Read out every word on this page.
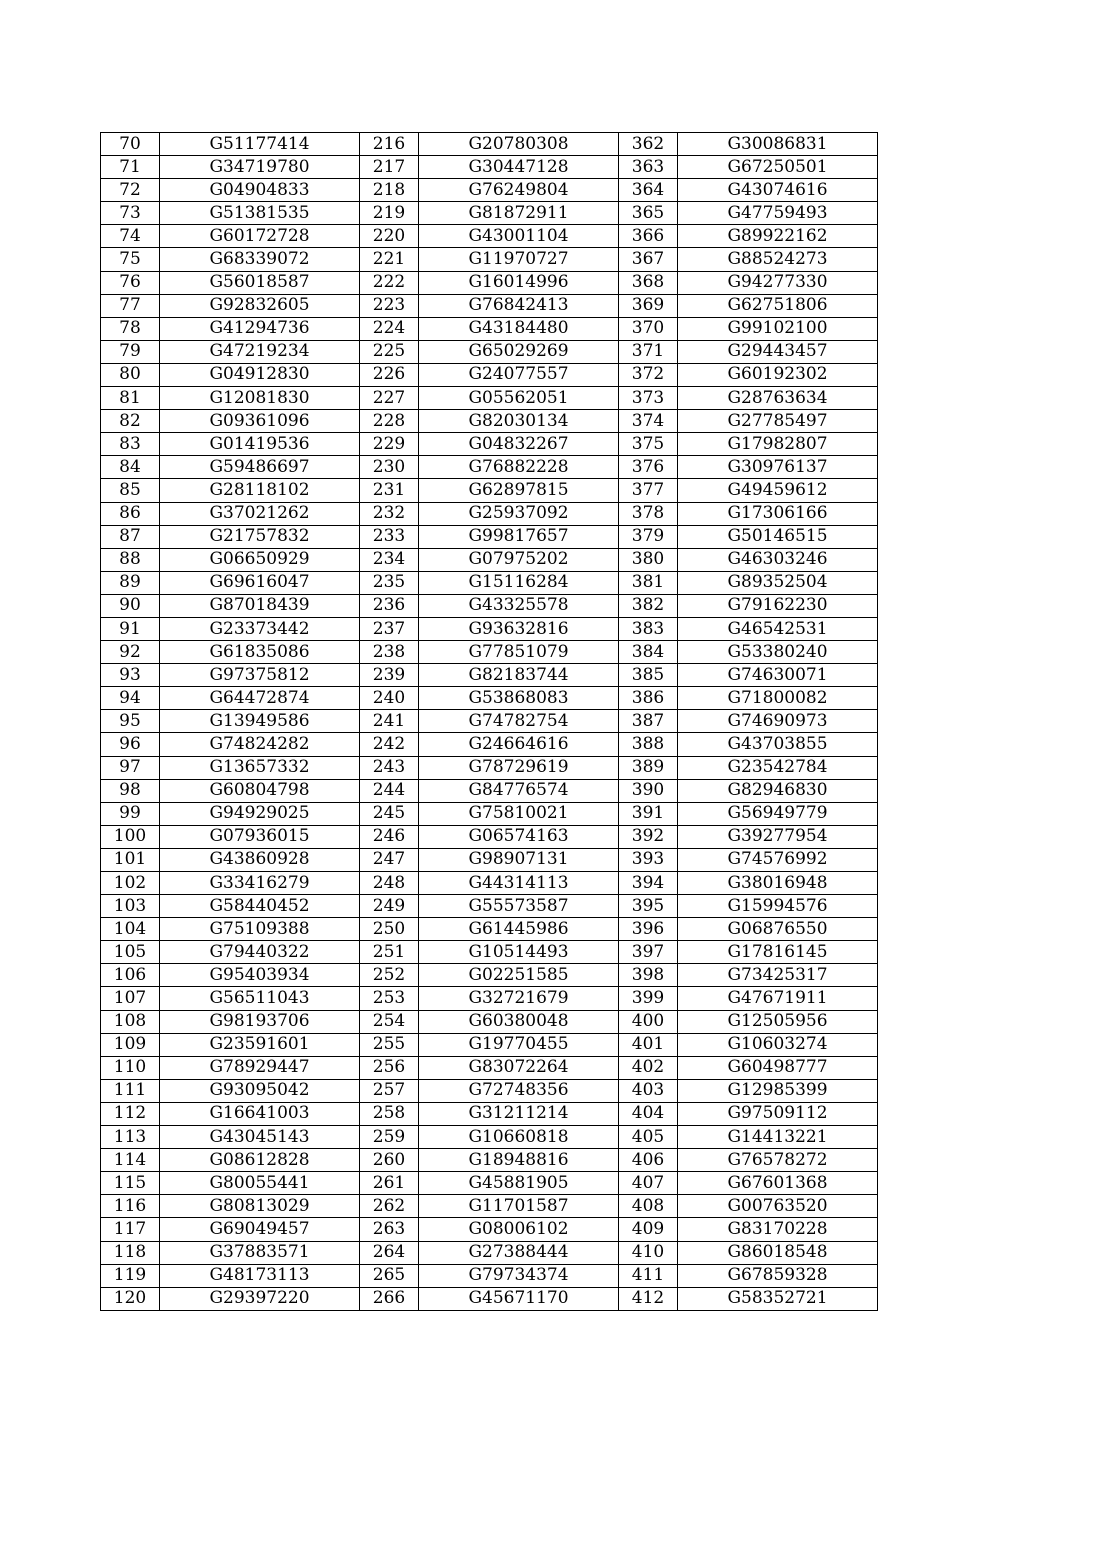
70	G51177414	216	G20780308	362	G30086831
71	G34719780	217	G30447128	363	G67250501
72	G04904833	218	G76249804	364	G43074616
73	G51381535	219	G81872911	365	G47759493
74	G60172728	220	G43001104	366	G89922162
75	G68339072	221	G11970727	367	G88524273
76	G56018587	222	G16014996	368	G94277330
77	G92832605	223	G76842413	369	G62751806
78	G41294736	224	G43184480	370	G99102100
79	G47219234	225	G65029269	371	G29443457
80	G04912830	226	G24077557	372	G60192302
81	G12081830	227	G05562051	373	G28763634
82	G09361096	228	G82030134	374	G27785497
83	G01419536	229	G04832267	375	G17982807
84	G59486697	230	G76882228	376	G30976137
85	G28118102	231	G62897815	377	G49459612
86	G37021262	232	G25937092	378	G17306166
87	G21757832	233	G99817657	379	G50146515
88	G06650929	234	G07975202	380	G46303246
89	G69616047	235	G15116284	381	G89352504
90	G87018439	236	G43325578	382	G79162230
91	G23373442	237	G93632816	383	G46542531
92	G61835086	238	G77851079	384	G53380240
93	G97375812	239	G82183744	385	G74630071
94	G64472874	240	G53868083	386	G71800082
95	G13949586	241	G74782754	387	G74690973
96	G74824282	242	G24664616	388	G43703855
97	G13657332	243	G78729619	389	G23542784
98	G60804798	244	G84776574	390	G82946830
99	G94929025	245	G75810021	391	G56949779
100	G07936015	246	G06574163	392	G39277954
101	G43860928	247	G98907131	393	G74576992
102	G33416279	248	G44314113	394	G38016948
103	G58440452	249	G55573587	395	G15994576
104	G75109388	250	G61445986	396	G06876550
105	G79440322	251	G10514493	397	G17816145
106	G95403934	252	G02251585	398	G73425317
107	G56511043	253	G32721679	399	G47671911
108	G98193706	254	G60380048	400	G12505956
109	G23591601	255	G19770455	401	G10603274
110	G78929447	256	G83072264	402	G60498777
111	G93095042	257	G72748356	403	G12985399
112	G16641003	258	G31211214	404	G97509112
113	G43045143	259	G10660818	405	G14413221
114	G08612828	260	G18948816	406	G76578272
115	G80055441	261	G45881905	407	G67601368
116	G80813029	262	G11701587	408	G00763520
117	G69049457	263	G08006102	409	G83170228
118	G37883571	264	G27388444	410	G86018548
119	G48173113	265	G79734374	411	G67859328
120	G29397220	266	G45671170	412	G58352721
